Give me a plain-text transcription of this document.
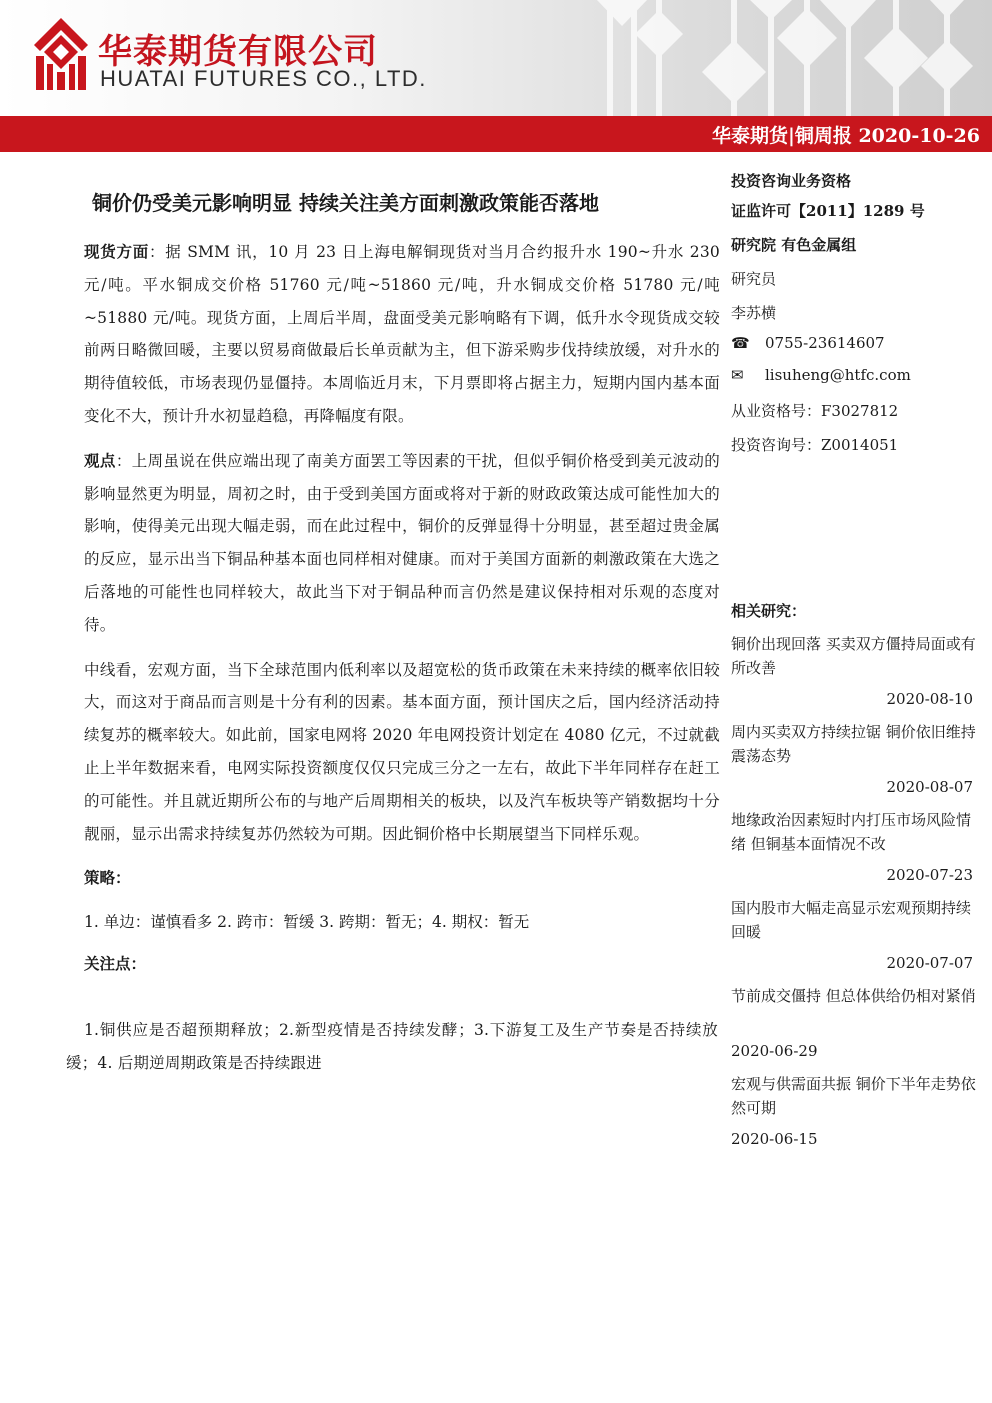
华泰期货有限公司
HUATAI FUTURES CO., LTD.
华泰期货|铜周报 2020-10-26
铜价仍受美元影响明显 持续关注美方面刺激政策能否落地

现货方面：据 SMM 讯，10 月 23 日上海电解铜现货对当月合约报升水 190~升水 230 元/吨。平水铜成交价格 51760 元/吨~51860 元/吨，升水铜成交价格 51780 元/吨~51880 元/吨。现货方面，上周后半周，盘面受美元影响略有下调，低升水令现货成交较前两日略微回暖，主要以贸易商做最后长单贡献为主，但下游采购步伐持续放缓，对升水的期待值较低，市场表现仍显僵持。本周临近月末，下月票即将占据主力，短期内国内基本面变化不大，预计升水初显趋稳，再降幅度有限。

观点：上周虽说在供应端出现了南美方面罢工等因素的干扰，但似乎铜价格受到美元波动的影响显然更为明显，周初之时，由于受到美国方面或将对于新的财政政策达成可能性加大的影响，使得美元出现大幅走弱，而在此过程中，铜价的反弹显得十分明显，甚至超过贵金属的反应，显示出当下铜品种基本面也同样相对健康。而对于美国方面新的刺激政策在大选之后落地的可能性也同样较大，故此当下对于铜品种而言仍然是建议保持相对乐观的态度对待。

中线看，宏观方面，当下全球范围内低利率以及超宽松的货币政策在未来持续的概率依旧较大，而这对于商品而言则是十分有利的因素。基本面方面，预计国庆之后，国内经济活动持续复苏的概率较大。如此前，国家电网将 2020 年电网投资计划定在 4080 亿元，不过就截止上半年数据来看，电网实际投资额度仅仅只完成三分之一左右，故此下半年同样存在赶工的可能性。并且就近期所公布的与地产后周期相关的板块，以及汽车板块等产销数据均十分靓丽，显示出需求持续复苏仍然较为可期。因此铜价格中长期展望当下同样乐观。

策略：

1. 单边：谨慎看多 2. 跨市：暂缓 3. 跨期：暂无；4. 期权：暂无

关注点：

1.铜供应是否超预期释放；2.新型疫情是否持续发酵；3.下游复工及生产节奏是否持续放缓；4. 后期逆周期政策是否持续跟进

投资咨询业务资格
证监许可【2011】1289 号
研究院 有色金属组
研究员
李苏横
☎ 0755-23614607
✉ lisuheng@htfc.com
从业资格号：F3027812
投资咨询号：Z0014051
相关研究：
铜价出现回落 买卖双方僵持局面或有所改善
2020-08-10
周内买卖双方持续拉锯 铜价依旧维持震荡态势
2020-08-07
地缘政治因素短时内打压市场风险情绪 但铜基本面情况不改
2020-07-23
国内股市大幅走高显示宏观预期持续回暖
2020-07-07
节前成交僵持 但总体供给仍相对紧俏
2020-06-29
宏观与供需面共振 铜价下半年走势依然可期
2020-06-15
